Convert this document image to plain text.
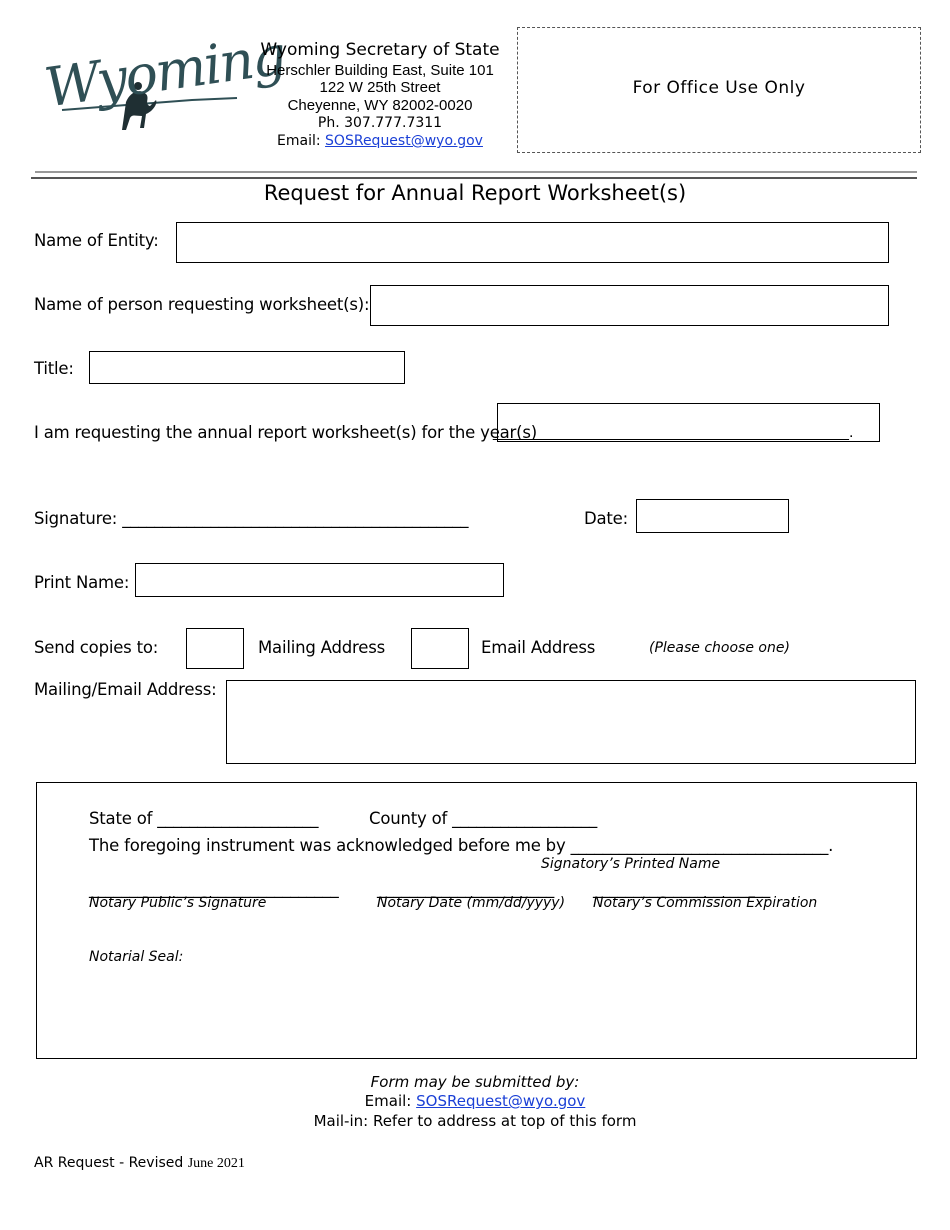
Wyoming
Wyoming Secretary of State
Herschler Building East, Suite 101
122 W 25th Street
Cheyenne, WY 82002-0020
Ph. 307.777.7311
Email: SOSRequest@wyo.gov
For Office Use Only
Request for Annual Report Worksheet(s)
Name of Entity:
Name of person requesting worksheet(s):
Title:
I am requesting the annual report worksheet(s) for the year(s)
________________________________________.
Signature: ___________________________________________	Date:
Print Name:
Send copies to:	Mailing Address	Email Address	(Please choose one)
Mailing/Email Address:
State of ____________________	County of __________________
The foregoing instrument was acknowledged before me by ________________________________.
Signatory’s Printed Name
_______________________________ ______________________ ______________________
Notary Public’s Signature	Notary Date (mm/dd/yyyy) Notary’s Commission Expiration
Notarial Seal:
Form may be submitted by:
Email: SOSRequest@wyo.gov
Mail-in: Refer to address at top of this form
AR Request - Revised June 2021
